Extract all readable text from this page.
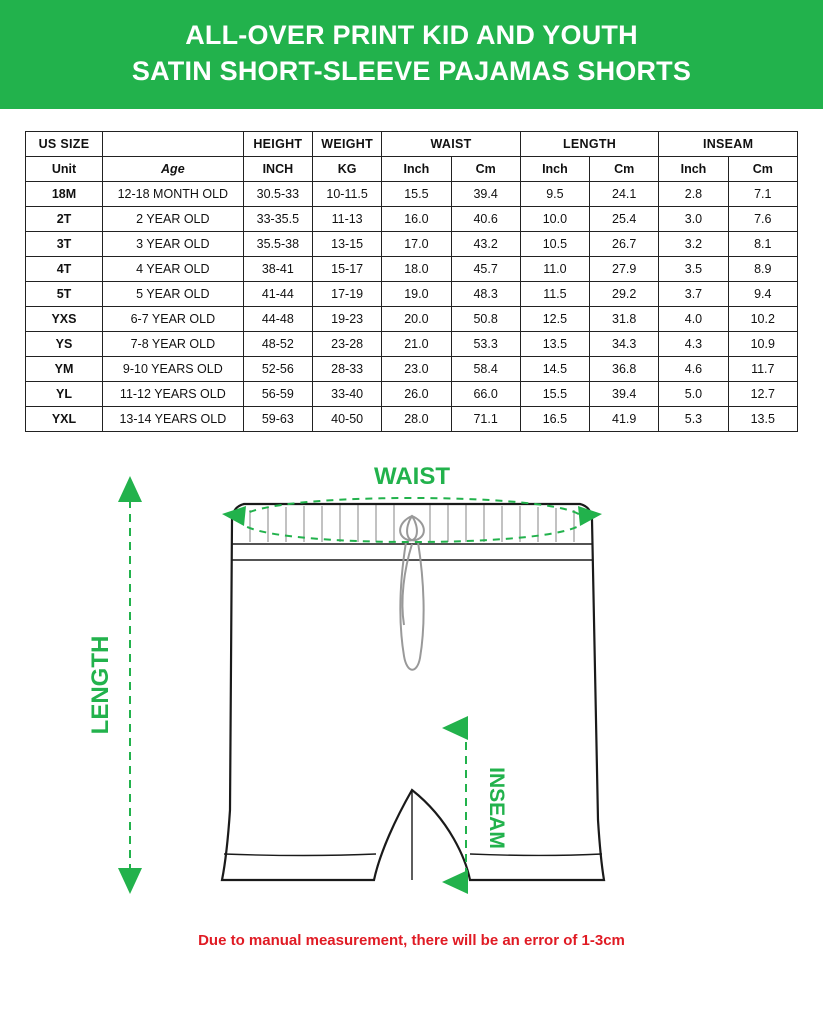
ALL-OVER PRINT KID AND YOUTH
SATIN SHORT-SLEEVE PAJAMAS SHORTS
US SIZE		HEIGHT	WEIGHT	WAIST		LENGTH		INSEAM	
Unit	Age	INCH	KG	Inch	Cm	Inch	Cm	Inch	Cm
18M	12-18 MONTH OLD	30.5-33	10-11.5	15.5	39.4	9.5	24.1	2.8	7.1
2T	2 YEAR OLD	33-35.5	11-13	16.0	40.6	10.0	25.4	3.0	7.6
3T	3 YEAR OLD	35.5-38	13-15	17.0	43.2	10.5	26.7	3.2	8.1
4T	4 YEAR OLD	38-41	15-17	18.0	45.7	11.0	27.9	3.5	8.9
5T	5 YEAR OLD	41-44	17-19	19.0	48.3	11.5	29.2	3.7	9.4
YXS	6-7 YEAR OLD	44-48	19-23	20.0	50.8	12.5	31.8	4.0	10.2
YS	7-8 YEAR OLD	48-52	23-28	21.0	53.3	13.5	34.3	4.3	10.9
YM	9-10 YEARS OLD	52-56	28-33	23.0	58.4	14.5	36.8	4.6	11.7
YL	11-12 YEARS OLD	56-59	33-40	26.0	66.0	15.5	39.4	5.0	12.7
YXL	13-14 YEARS OLD	59-63	40-50	28.0	71.1	16.5	41.9	5.3	13.5
WAIST
LENGTH
INSEAM
Due to manual measurement, there will be an error of 1-3cm
